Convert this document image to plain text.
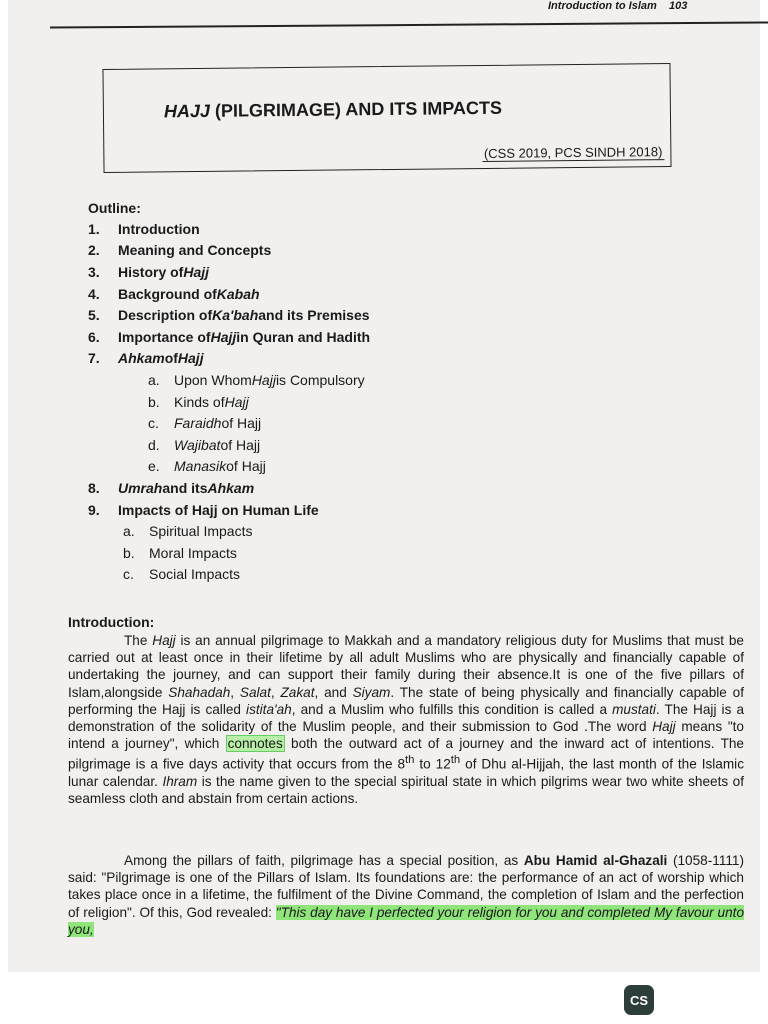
Introduction to Islam 103
HAJJ (PILGRIMAGE) AND ITS IMPACTS
(CSS 2019, PCS SINDH 2018)
Outline:
1.	Introduction
2.	Meaning and Concepts
3.	History of Hajj
4.	Background of Kabah
5.	Description of Ka'bah and its Premises
6.	Importance of Hajj in Quran and Hadith
7.	Ahkam of Hajj
a.	Upon Whom Hajj is Compulsory
b.	Kinds of Hajj
c.	Faraidh of Hajj
d.	Wajibat of Hajj
e.	Manasik of Hajj
8.	Umrah and its Ahkam
9.	Impacts of Hajj on Human Life
a.	Spiritual Impacts
b.	Moral Impacts
c.	Social Impacts
Introduction:
The Hajj is an annual pilgrimage to Makkah and a mandatory religious duty for Muslims that must be carried out at least once in their lifetime by all adult Muslims who are physically and financially capable of undertaking the journey, and can support their family during their absence.It is one of the five pillars of Islam,alongside Shahadah, Salat, Zakat, and Siyam. The state of being physically and financially capable of performing the Hajj is called istita'ah, and a Muslim who fulfills this condition is called a mustati. The Hajj is a demonstration of the solidarity of the Muslim people, and their submission to God .The word Hajj means "to intend a journey", which connotes both the outward act of a journey and the inward act of intentions. The pilgrimage is a five days activity that occurs from the 8th to 12th of Dhu al-Hijjah, the last month of the Islamic lunar calendar. Ihram is the name given to the special spiritual state in which pilgrims wear two white sheets of seamless cloth and abstain from certain actions.
Among the pillars of faith, pilgrimage has a special position, as Abu Hamid al-Ghazali (1058-1111) said: "Pilgrimage is one of the Pillars of Islam. Its foundations are: the performance of an act of worship which takes place once in a lifetime, the fulfilment of the Divine Command, the completion of Islam and the perfection of religion". Of this, God revealed: "This day have I perfected your religion for you and completed My favour unto you,
CS
